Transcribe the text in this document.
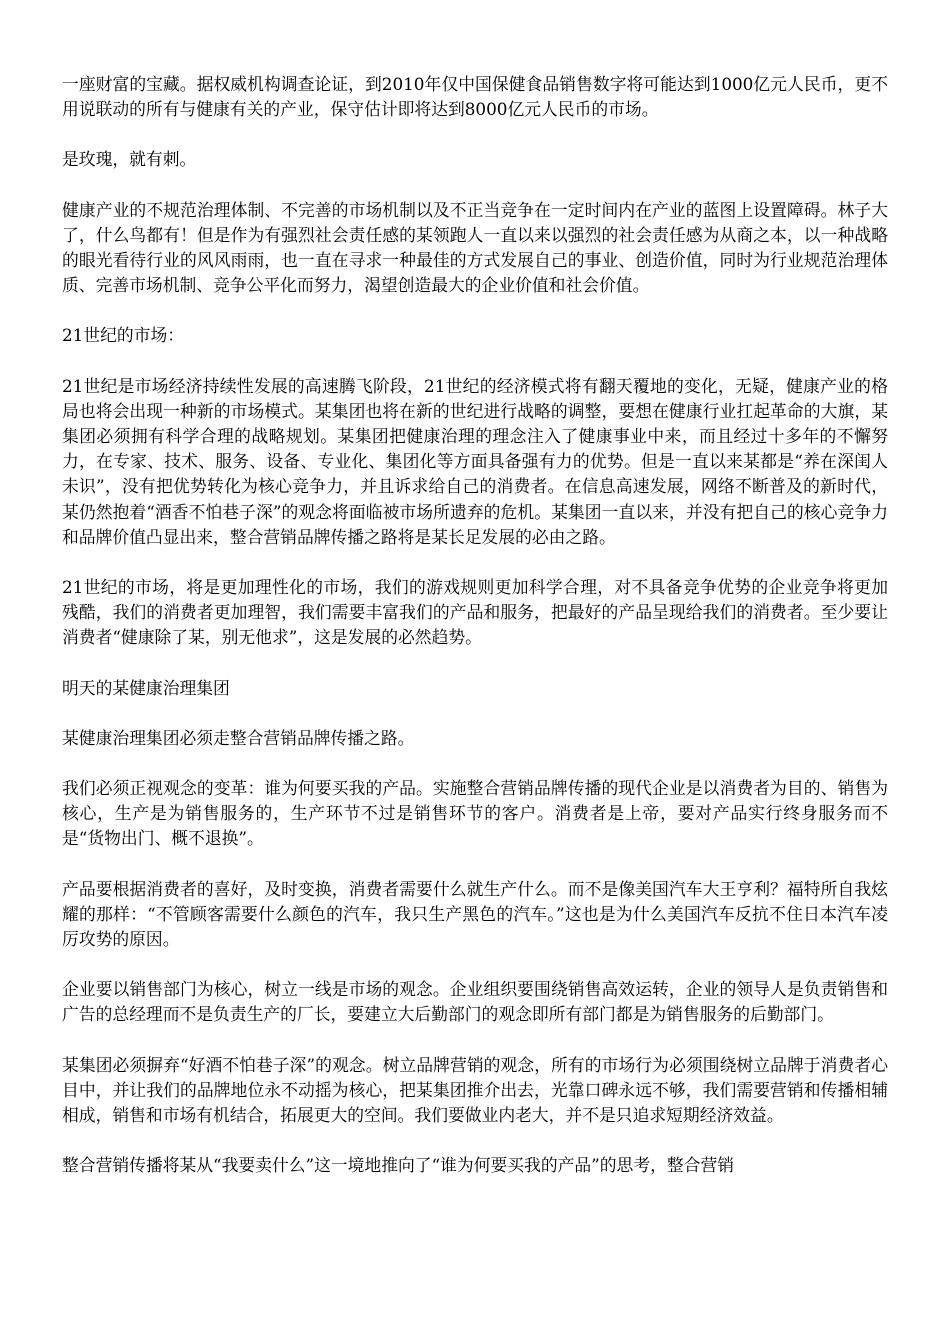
一座财富的宝藏。据权威机构调查论证，到2010年仅中国保健食品销售数字将可能达到1000亿元人民币，更不用说联动的所有与健康有关的产业，保守估计即将达到8000亿元人民币的市场。

是玫瑰，就有刺。

健康产业的不规范治理体制、不完善的市场机制以及不正当竞争在一定时间内在产业的蓝图上设置障碍。林子大了，什么鸟都有！但是作为有强烈社会责任感的某领跑人一直以来以强烈的社会责任感为从商之本，以一种战略的眼光看待行业的风风雨雨，也一直在寻求一种最佳的方式发展自己的事业、创造价值，同时为行业规范治理体质、完善市场机制、竞争公平化而努力，渴望创造最大的企业价值和社会价值。

21世纪的市场：

21世纪是市场经济持续性发展的高速腾飞阶段，21世纪的经济模式将有翻天覆地的变化，无疑，健康产业的格局也将会出现一种新的市场模式。某集团也将在新的世纪进行战略的调整，要想在健康行业扛起革命的大旗，某集团必须拥有科学合理的战略规划。某集团把健康治理的理念注入了健康事业中来，而且经过十多年的不懈努力，在专家、技术、服务、设备、专业化、集团化等方面具备强有力的优势。但是一直以来某都是“养在深闺人未识”，没有把优势转化为核心竞争力，并且诉求给自己的消费者。在信息高速发展，网络不断普及的新时代，某仍然抱着“酒香不怕巷子深”的观念将面临被市场所遗弃的危机。某集团一直以来，并没有把自己的核心竞争力和品牌价值凸显出来，整合营销品牌传播之路将是某长足发展的必由之路。

21世纪的市场，将是更加理性化的市场，我们的游戏规则更加科学合理，对不具备竞争优势的企业竞争将更加残酷，我们的消费者更加理智，我们需要丰富我们的产品和服务，把最好的产品呈现给我们的消费者。至少要让消费者“健康除了某，别无他求”，这是发展的必然趋势。

明天的某健康治理集团

某健康治理集团必须走整合营销品牌传播之路。

我们必须正视观念的变革：谁为何要买我的产品。实施整合营销品牌传播的现代企业是以消费者为目的、销售为核心，生产是为销售服务的，生产环节不过是销售环节的客户。消费者是上帝，要对产品实行终身服务而不是“货物出门、概不退换”。

产品要根据消费者的喜好，及时变换，消费者需要什么就生产什么。而不是像美国汽车大王亨利？福特所自我炫耀的那样：“不管顾客需要什么颜色的汽车，我只生产黑色的汽车。”这也是为什么美国汽车反抗不住日本汽车凌厉攻势的原因。

企业要以销售部门为核心，树立一线是市场的观念。企业组织要围绕销售高效运转，企业的领导人是负责销售和广告的总经理而不是负责生产的厂长，要建立大后勤部门的观念即所有部门都是为销售服务的后勤部门。

某集团必须摒弃“好酒不怕巷子深”的观念。树立品牌营销的观念，所有的市场行为必须围绕树立品牌于消费者心目中，并让我们的品牌地位永不动摇为核心，把某集团推介出去，光靠口碑永远不够，我们需要营销和传播相辅相成，销售和市场有机结合，拓展更大的空间。我们要做业内老大，并不是只追求短期经济效益。

整合营销传播将某从“我要卖什么”这一境地推向了“谁为何要买我的产品”的思考，整合营销
